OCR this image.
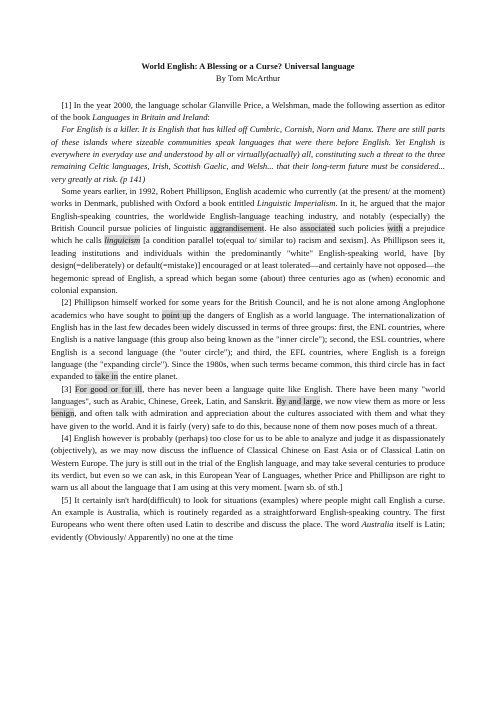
World English: A Blessing or a Curse? Universal language
By Tom McArthur

[1] In the year 2000, the language scholar Glanville Price, a Welshman, made the following assertion as editor of the book Languages in Britain and Ireland:

For English is a killer. It is English that has killed off Cumbric, Cornish, Norn and Manx. There are still parts of these islands where sizeable communities speak languages that were there before English. Yet English is everywhere in everyday use and understood by all or virtually(actually) all, constituting such a threat to the three remaining Celtic languages, Irish, Scottish Gaelic, and Welsh... that their long-term future must be considered... very greatly at risk. (p 141)

Some years earlier, in 1992, Robert Phillipson, English academic who currently (at the present/ at the moment) works in Denmark, published with Oxford a book entitled Linguistic Imperialism. In it, he argued that the major English-speaking countries, the worldwide English-language teaching industry, and notably (especially) the British Council pursue policies of linguistic aggrandisement. He also associated such policies with a prejudice which he calls linguicism [a condition parallel to(equal to/ similar to) racism and sexism]. As Phillipson sees it, leading institutions and individuals within the predominantly "white" English-speaking world, have [by design(=deliberately) or default(=mistake)] encouraged or at least tolerated—and certainly have not opposed—the hegemonic spread of English, a spread which began some (about) three centuries ago as (when) economic and colonial expansion.

[2] Phillipson himself worked for some years for the British Council, and he is not alone among Anglophone academics who have sought to point up the dangers of English as a world language. The internationalization of English has in the last few decades been widely discussed in terms of three groups: first, the ENL countries, where English is a native language (this group also being known as the "inner circle"); second, the ESL countries, where English is a second language (the "outer circle"); and third, the EFL countries, where English is a foreign language (the "expanding circle"). Since the 1980s, when such terms became common, this third circle has in fact expanded to take in the entire planet.

[3] For good or for ill, there has never been a language quite like English. There have been many "world languages", such as Arabic, Chinese, Greek, Latin, and Sanskrit. By and large, we now view them as more or less benign, and often talk with admiration and appreciation about the cultures associated with them and what they have given to the world. And it is fairly (very) safe to do this, because none of them now poses much of a threat.

[4] English however is probably (perhaps) too close for us to be able to analyze and judge it as dispassionately (objectively), as we may now discuss the influence of Classical Chinese on East Asia or of Classical Latin on Western Europe. The jury is still out in the trial of the English language, and may take several centuries to produce its verdict, but even so we can ask, in this European Year of Languages, whether Price and Phillipson are right to warn us all about the language that I am using at this very moment. [warn sb. of sth.]

[5] It certainly isn't hard(difficult) to look for situations (examples) where people might call English a curse. An example is Australia, which is routinely regarded as a straightforward English-speaking country. The first Europeans who went there often used Latin to describe and discuss the place. The word Australia itself is Latin; evidently (Obviously/ Apparently) no one at the time
